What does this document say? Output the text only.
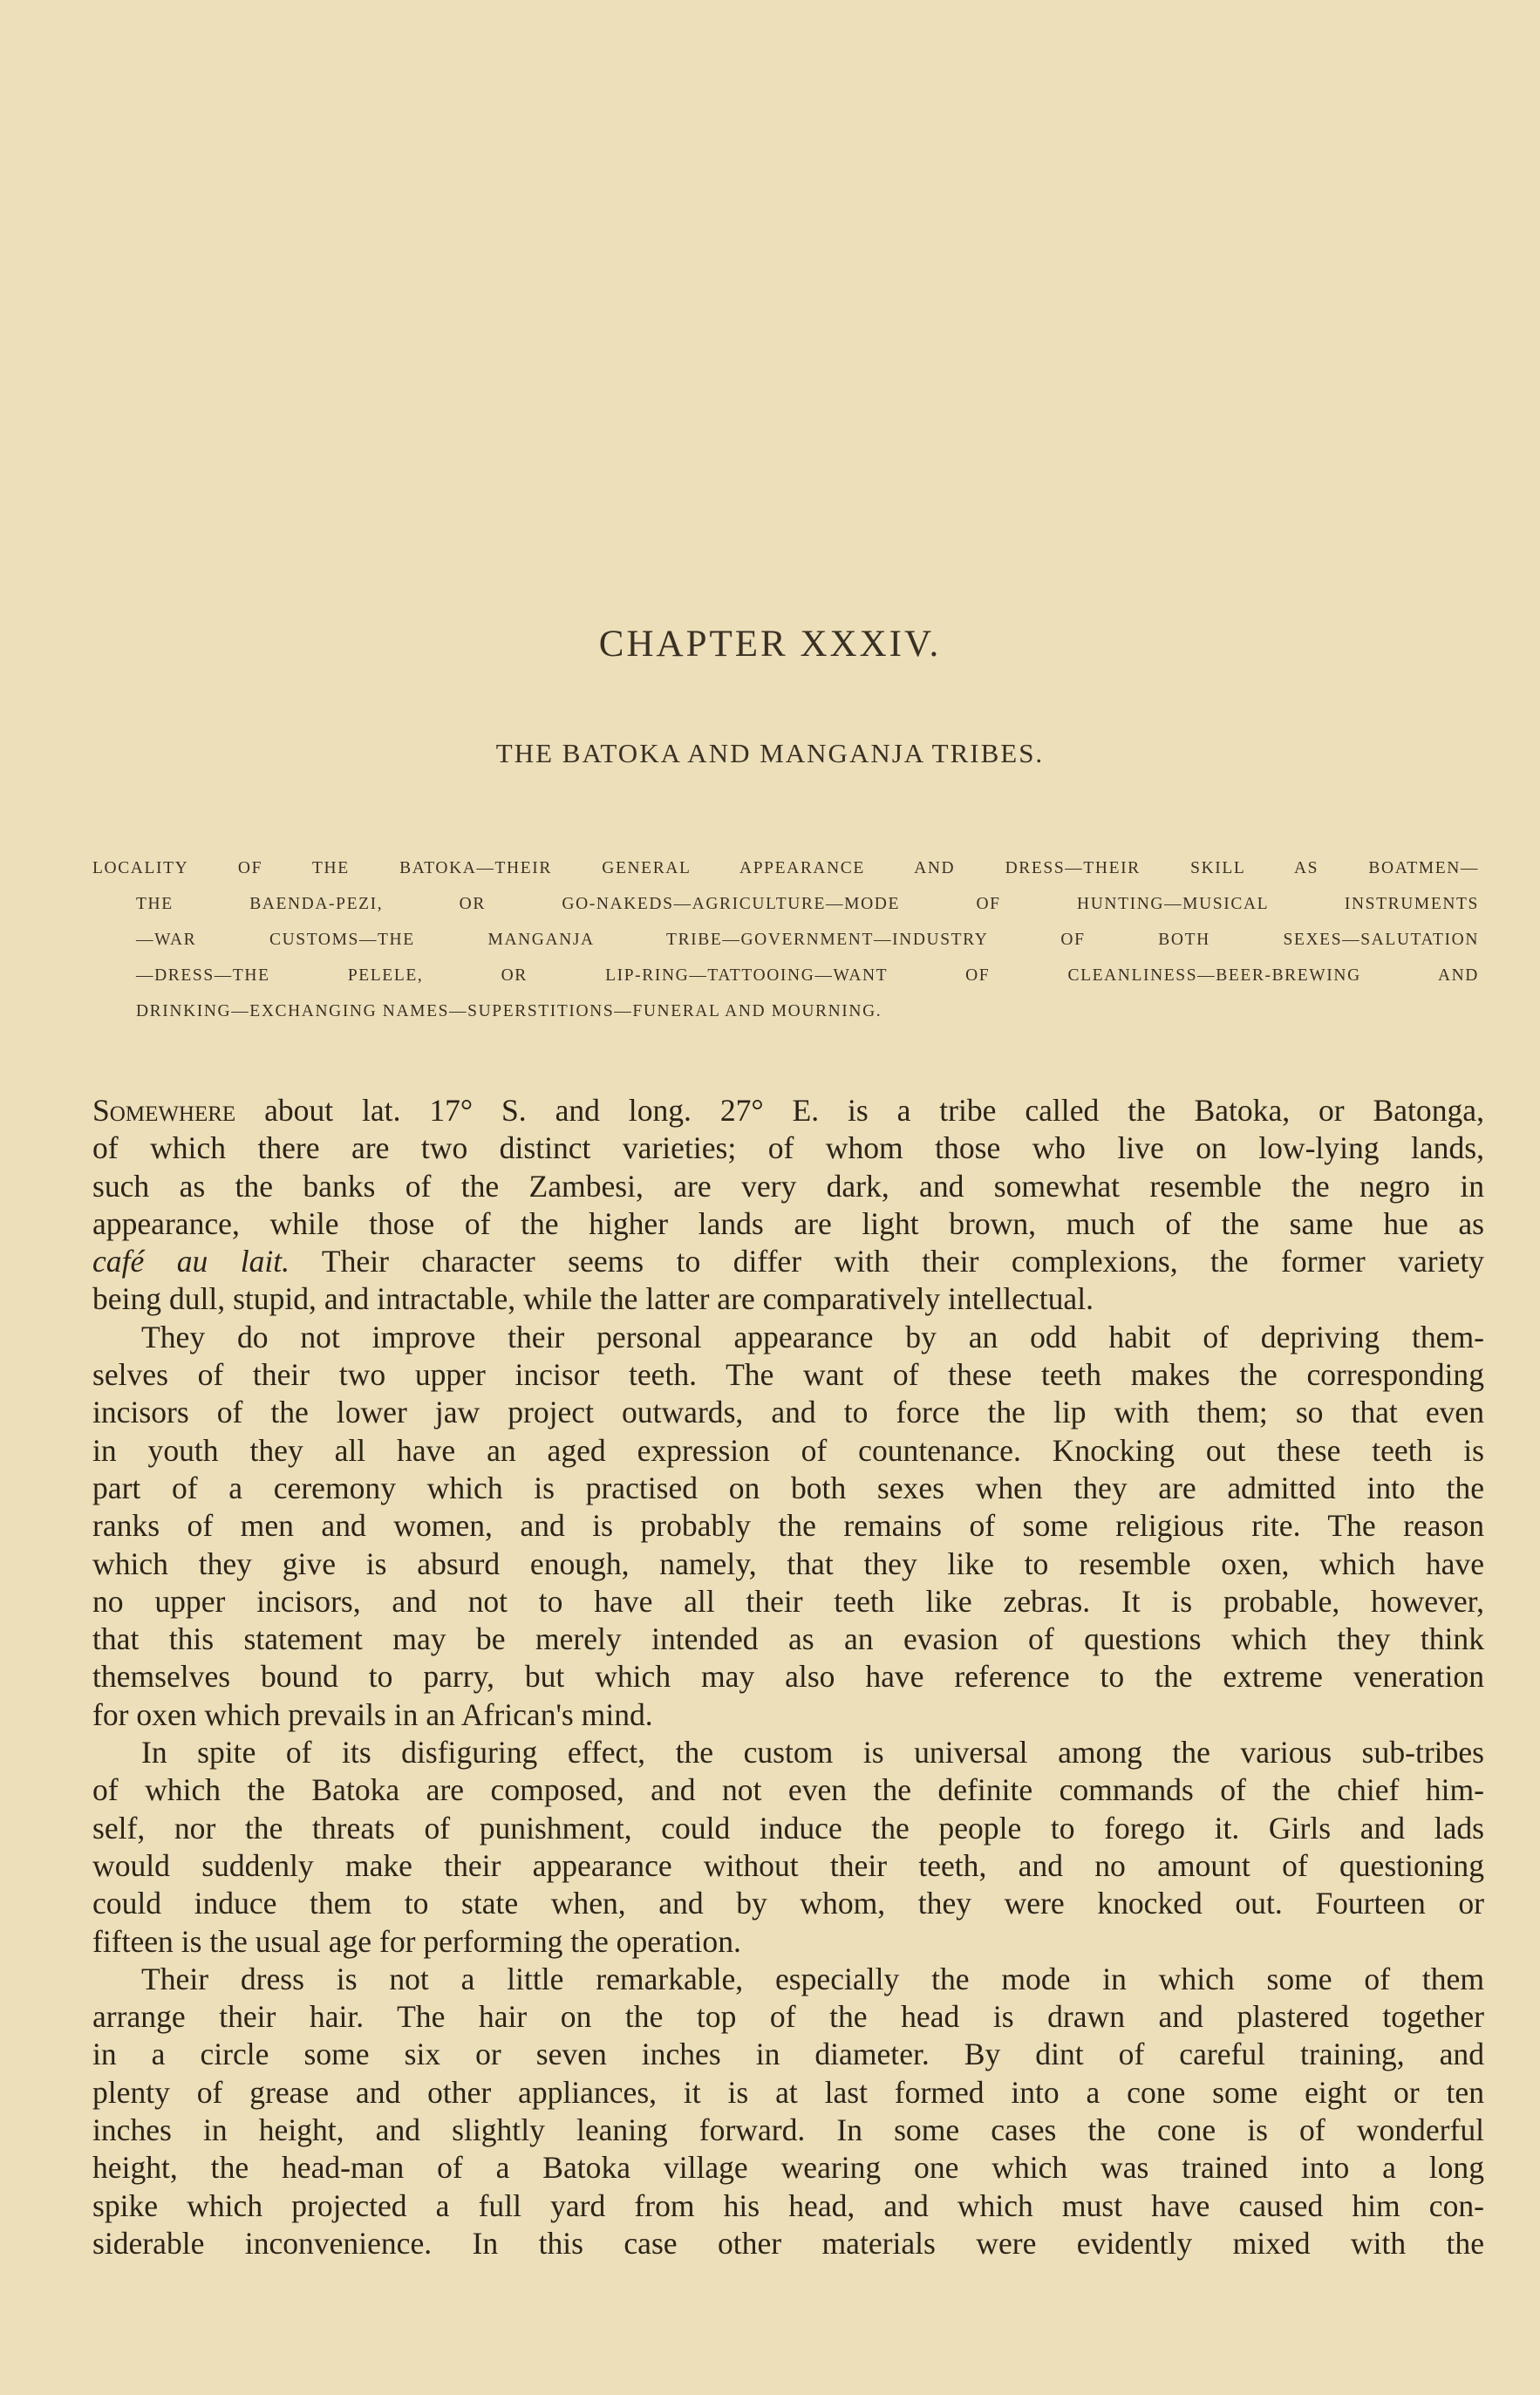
CHAPTER XXXIV.
THE BATOKA AND MANGANJA TRIBES.
LOCALITY OF THE BATOKA—THEIR GENERAL APPEARANCE AND DRESS—THEIR SKILL AS BOATMEN—
THE BAENDA-PEZI, OR GO-NAKEDS—AGRICULTURE—MODE OF HUNTING—MUSICAL INSTRUMENTS
—WAR CUSTOMS—THE MANGANJA TRIBE—GOVERNMENT—INDUSTRY OF BOTH SEXES—SALUTATION
—DRESS—THE PELELE, OR LIP-RING—TATTOOING—WANT OF CLEANLINESS—BEER-BREWING AND
DRINKING—EXCHANGING NAMES—SUPERSTITIONS—FUNERAL AND MOURNING.

Somewhere about lat. 17° S. and long. 27° E. is a tribe called the Batoka, or Batonga,
of which there are two distinct varieties; of whom those who live on low-lying lands,
such as the banks of the Zambesi, are very dark, and somewhat resemble the negro in
appearance, while those of the higher lands are light brown, much of the same hue as
café au lait. Their character seems to differ with their complexions, the former variety
being dull, stupid, and intractable, while the latter are comparatively intellectual.

They do not improve their personal appearance by an odd habit of depriving them-
selves of their two upper incisor teeth. The want of these teeth makes the corresponding
incisors of the lower jaw project outwards, and to force the lip with them; so that even
in youth they all have an aged expression of countenance. Knocking out these teeth is
part of a ceremony which is practised on both sexes when they are admitted into the
ranks of men and women, and is probably the remains of some religious rite. The reason
which they give is absurd enough, namely, that they like to resemble oxen, which have
no upper incisors, and not to have all their teeth like zebras. It is probable, however,
that this statement may be merely intended as an evasion of questions which they think
themselves bound to parry, but which may also have reference to the extreme veneration
for oxen which prevails in an African's mind.

In spite of its disfiguring effect, the custom is universal among the various sub-tribes
of which the Batoka are composed, and not even the definite commands of the chief him-
self, nor the threats of punishment, could induce the people to forego it. Girls and lads
would suddenly make their appearance without their teeth, and no amount of questioning
could induce them to state when, and by whom, they were knocked out. Fourteen or
fifteen is the usual age for performing the operation.

Their dress is not a little remarkable, especially the mode in which some of them
arrange their hair. The hair on the top of the head is drawn and plastered together
in a circle some six or seven inches in diameter. By dint of careful training, and
plenty of grease and other appliances, it is at last formed into a cone some eight or ten
inches in height, and slightly leaning forward. In some cases the cone is of wonderful
height, the head-man of a Batoka village wearing one which was trained into a long
spike which projected a full yard from his head, and which must have caused him con-
siderable inconvenience. In this case other materials were evidently mixed with the
